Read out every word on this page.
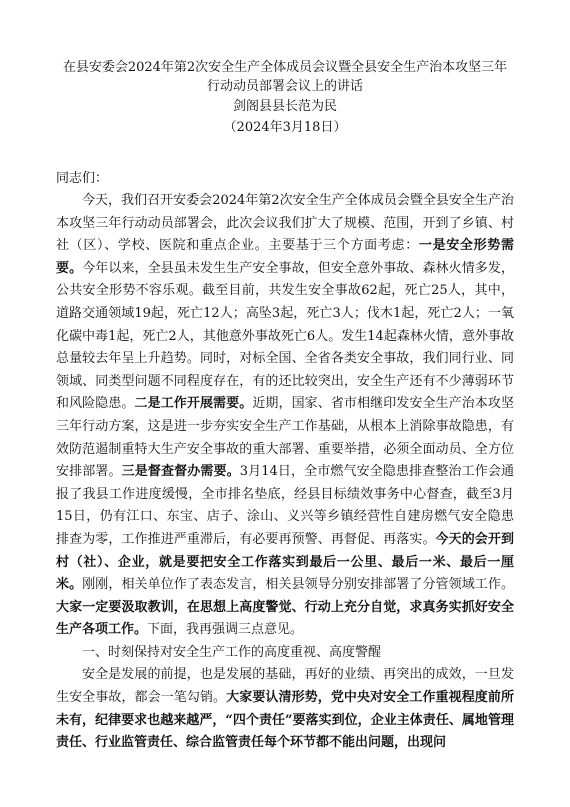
在县安委会2024年第2次安全生产全体成员会议暨全县安全生产治本攻坚三年
行动动员部署会议上的讲话

剑阁县县长范为民

（2024年3月18日）

同志们：

今天，我们召开安委会2024年第2次安全生产全体成员会暨全县安全生产治本攻坚三年行动动员部署会，此次会议我们扩大了规模、范围，开到了乡镇、村社（区）、学校、医院和重点企业。主要基于三个方面考虑：一是安全形势需要。今年以来，全县虽未发生生产安全事故，但安全意外事故、森林火情多发，公共安全形势不容乐观。截至目前，共发生安全事故62起，死亡25人，其中，道路交通领域19起，死亡12人；高坠3起，死亡3人；伐木1起，死亡2人；一氧化碳中毒1起，死亡2人，其他意外事故死亡6人。发生14起森林火情，意外事故总量较去年呈上升趋势。同时，对标全国、全省各类安全事故，我们同行业、同领域、同类型问题不同程度存在，有的还比较突出，安全生产还有不少薄弱环节和风险隐患。二是工作开展需要。近期，国家、省市相继印发安全生产治本攻坚三年行动方案，这是进一步夯实安全生产工作基础，从根本上消除事故隐患，有效防范遏制重特大生产安全事故的重大部署、重要举措，必须全面动员、全方位安排部署。三是督查督办需要。3月14日，全市燃气安全隐患排查整治工作会通报了我县工作进度缓慢，全市排名垫底，经县目标绩效事务中心督查，截至3月15日，仍有江口、东宝、店子、涂山、义兴等乡镇经营性自建房燃气安全隐患排查为零，工作推进严重滞后，有必要再预警、再督促、再落实。今天的会开到村（社）、企业，就是要把安全工作落实到最后一公里、最后一米、最后一厘米。刚刚，相关单位作了表态发言，相关县领导分别安排部署了分管领域工作。大家一定要汲取教训，在思想上高度警觉、行动上充分自觉，求真务实抓好安全生产各项工作。下面，我再强调三点意见。

一、时刻保持对安全生产工作的高度重视、高度警醒

安全是发展的前提，也是发展的基础，再好的业绩、再突出的成效，一旦发生安全事故，都会一笔勾销。大家要认清形势，党中央对安全工作重视程度前所未有，纪律要求也越来越严，“四个责任”要落实到位，企业主体责任、属地管理责任、行业监管责任、综合监管责任每个环节都不能出问题，出现问
